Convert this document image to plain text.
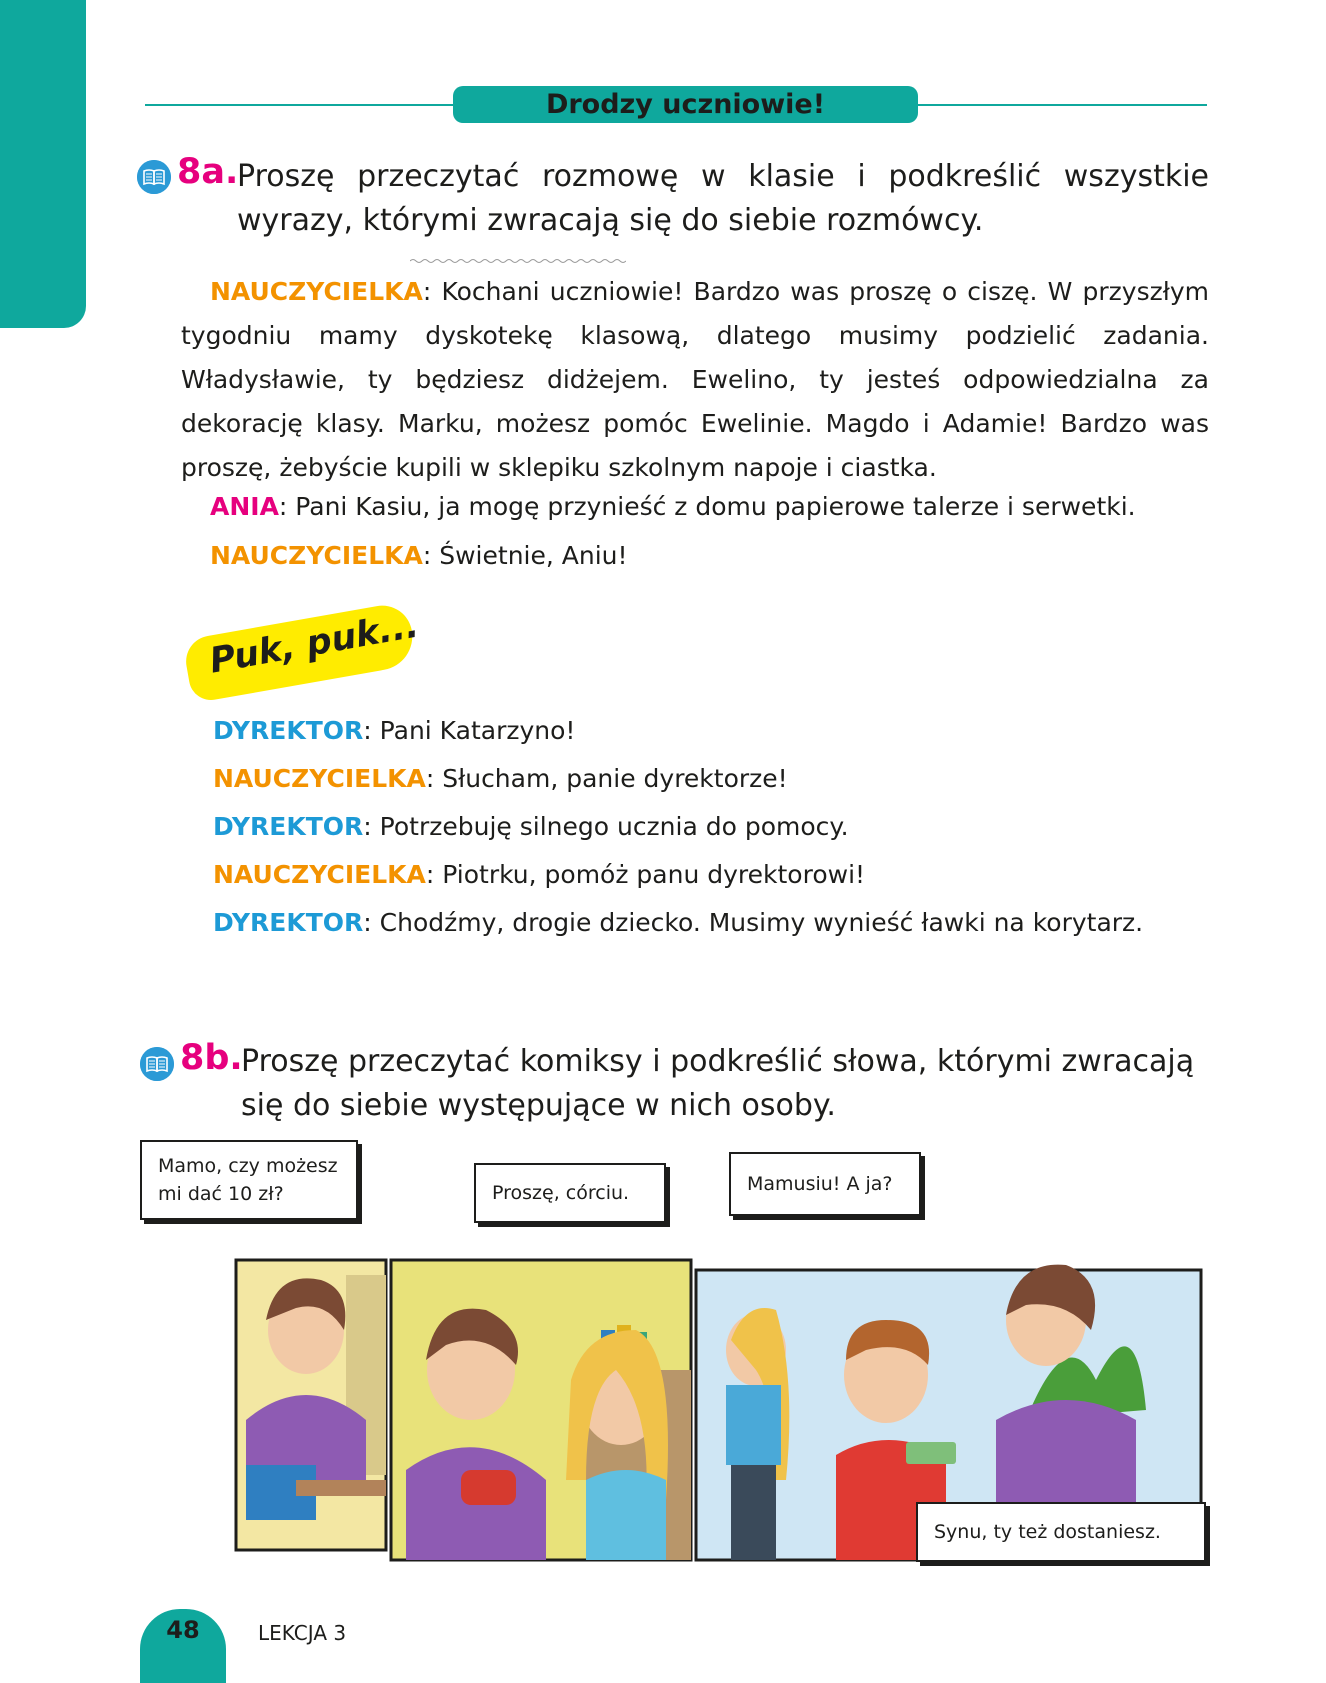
Drodzy uczniowie!
8a.
Proszę przeczytać rozmowę w klasie i podkreślić wszystkie wyrazy, którymi zwracają się do siebie rozmówcy.
NAUCZYCIELKA: Kochani uczniowie! Bardzo was proszę o ciszę. W przyszłym tygodniu mamy dyskotekę klasową, dlatego musimy podzielić zadania. Władysławie, ty będziesz didżejem. Ewelino, ty jesteś odpowiedzialna za dekorację klasy. Marku, możesz pomóc Ewelinie. Magdo i Adamie! Bardzo was proszę, żebyście kupili w sklepiku szkolnym napoje i ciastka.
ANIA: Pani Kasiu, ja mogę przynieść z domu papierowe talerze i serwetki.
NAUCZYCIELKA: Świetnie, Aniu!
Puk, puk...
DYREKTOR: Pani Katarzyno!
NAUCZYCIELKA: Słucham, panie dyrektorze!
DYREKTOR: Potrzebuję silnego ucznia do pomocy.
NAUCZYCIELKA: Piotrku, pomóż panu dyrektorowi!
DYREKTOR: Chodźmy, drogie dziecko. Musimy wynieść ławki na korytarz.
8b.
Proszę przeczytać komiksy i podkreślić słowa, którymi zwracają się do siebie występujące w nich osoby.
Mamo, czy możesz mi dać 10 zł?	Proszę, córciu.	Mamusiu! A ja?
Synu, ty też dostaniesz.
48	LEKCJA 3
